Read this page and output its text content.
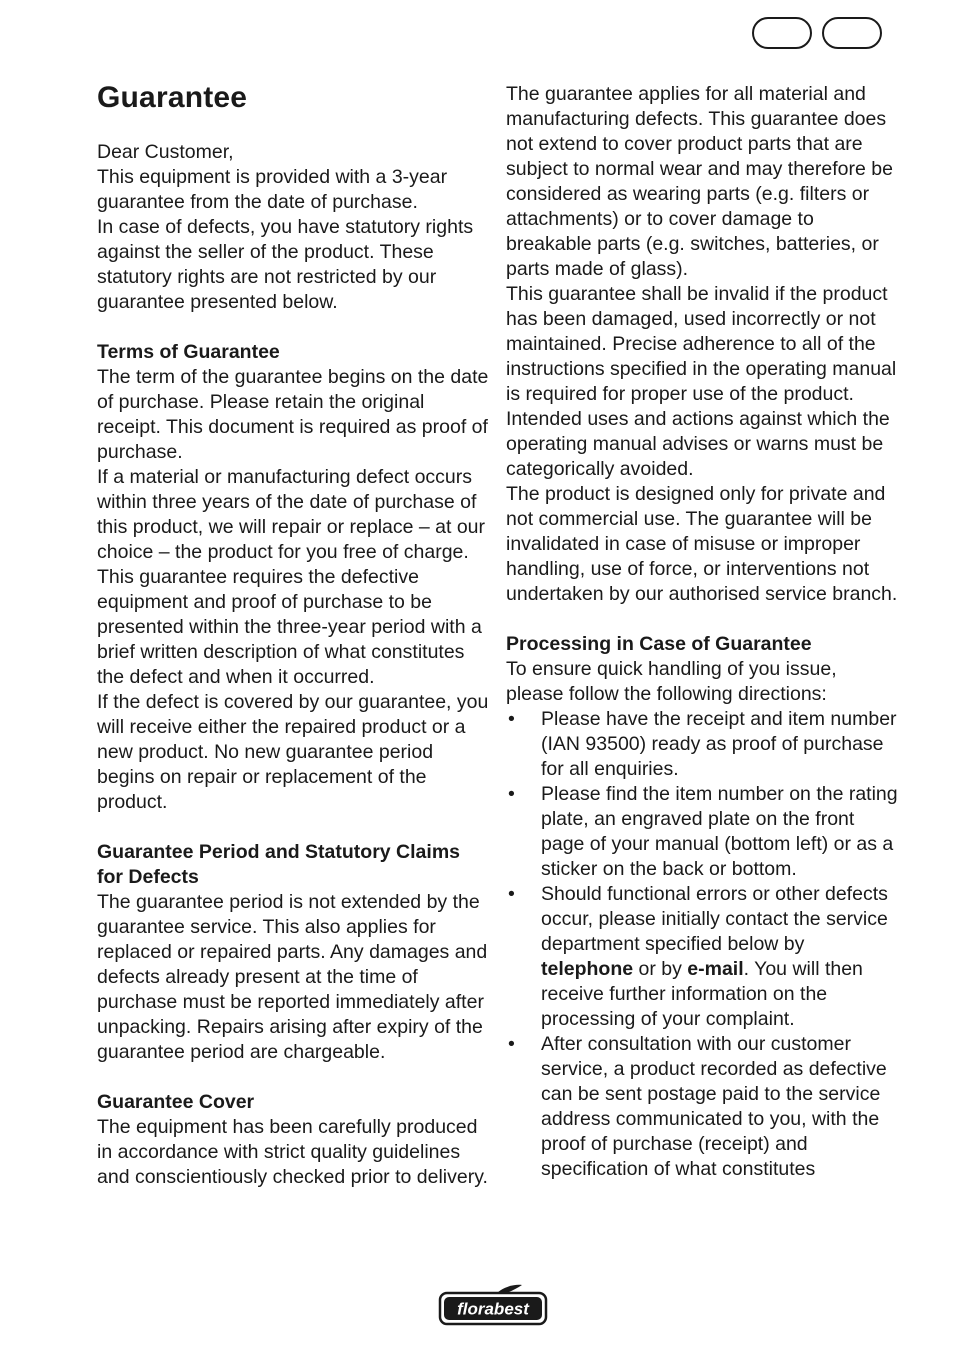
Guarantee

Dear Customer,

This equipment is provided with a 3-year guarantee from the date of purchase.

In case of defects, you have statutory rights against the seller of the product. These statutory rights are not restricted by our guarantee presented below.

Terms of Guarantee

The term of the guarantee begins on the date of purchase. Please retain the original receipt. This document is required as proof of purchase.

If a material or manufacturing defect occurs within three years of the date of purchase of this product, we will repair or replace – at our choice – the product for you free of charge. This guarantee requires the defective equipment and proof of purchase to be presented within the three-year period with a brief written description of what constitutes the defect and when it occurred.

If the defect is covered by our guarantee, you will receive either the repaired product or a new product. No new guarantee period begins on repair or replacement of the product.

Guarantee Period and Statutory Claims for Defects

The guarantee period is not extended by the guarantee service. This also applies for replaced or repaired parts. Any damages and defects already present at the time of purchase must be reported immediately after unpacking. Repairs arising after expiry of the guarantee period are chargeable.

Guarantee Cover

The equipment has been carefully produced in accordance with strict quality guidelines and conscientiously checked prior to delivery.

The guarantee applies for all material and manufacturing defects. This guarantee does not extend to cover product parts that are subject to normal wear and may therefore be considered as wearing parts (e.g. filters or attachments) or to cover damage to breakable parts (e.g. switches, batteries, or parts made of glass).

This guarantee shall be invalid if the product has been damaged, used incorrectly or not maintained. Precise adherence to all of the instructions specified in the operating manual is required for proper use of the product. Intended uses and actions against which the operating manual advises or warns must be categorically avoided.

The product is designed only for private and not commercial use. The guarantee will be invalidated in case of misuse or improper handling, use of force, or interventions not undertaken by our authorised service branch.

Processing in Case of Guarantee

To ensure quick handling of you issue, please follow the following directions:

• Please have the receipt and item number (IAN 93500) ready as proof of purchase for all enquiries.
• Please find the item number on the rating plate, an engraved plate on the front page of your manual (bottom left) or as a sticker on the back or bottom.
• Should functional errors or other defects occur, please initially contact the service department specified below by telephone or by e-mail. You will then receive further information on the processing of your complaint.
• After consultation with our customer service, a product recorded as defective can be sent postage paid to the service address communicated to you, with the proof of purchase (receipt) and specification of what constitutes
florabest
